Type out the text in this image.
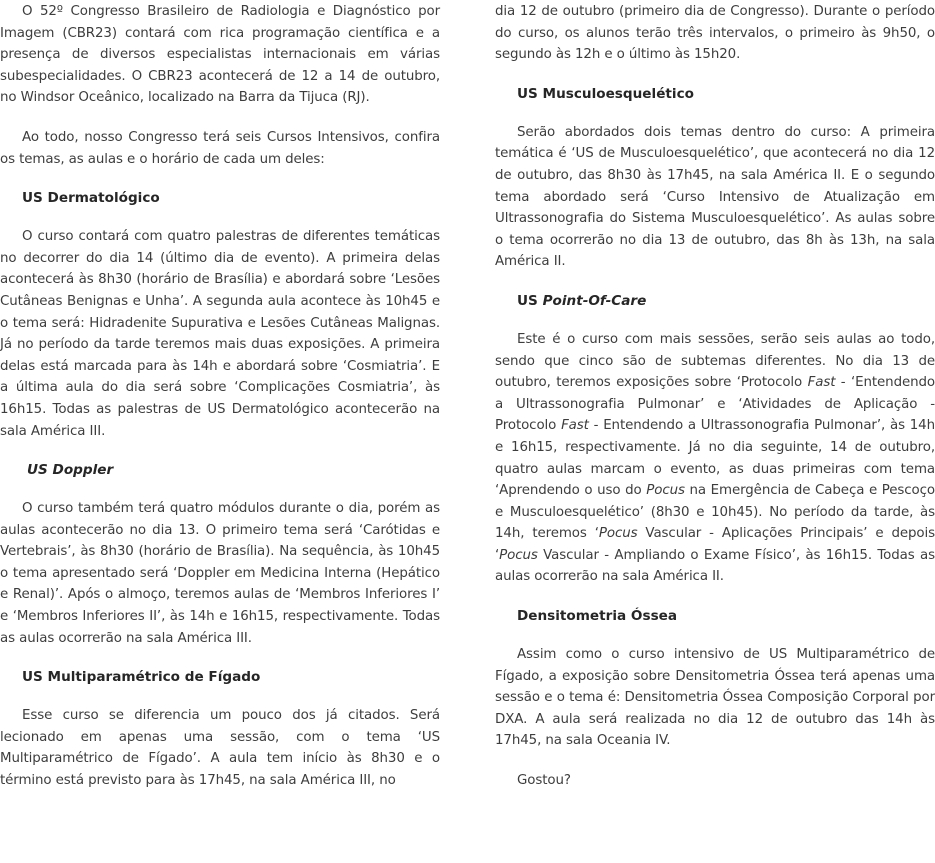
O 52º Congresso Brasileiro de Radiologia e Diagnóstico por Imagem (CBR23) contará com rica programação científica e a presença de diversos especialistas internacionais em várias subespecialidades. O CBR23 acontecerá de 12 a 14 de outubro, no Windsor Oceânico, localizado na Barra da Tijuca (RJ).

Ao todo, nosso Congresso terá seis Cursos Intensivos, confira os temas, as aulas e o horário de cada um deles:

US Dermatológico

O curso contará com quatro palestras de diferentes temáticas no decorrer do dia 14 (último dia de evento). A primeira delas acontecerá às 8h30 (horário de Brasília) e abordará sobre ‘Lesões Cutâneas Benignas e Unha’. A segunda aula acontece às 10h45 e o tema será: Hidradenite Supurativa e Lesões Cutâneas Malignas. Já no período da tarde teremos mais duas exposições. A primeira delas está marcada para às 14h e abordará sobre ‘Cosmiatria’. E a última aula do dia será sobre ‘Complicações Cosmiatria’, às 16h15. Todas as palestras de US Dermatológico acontecerão na sala América III.

US Doppler

O curso também terá quatro módulos durante o dia, porém as aulas acontecerão no dia 13. O primeiro tema será ‘Carótidas e Vertebrais’, às 8h30 (horário de Brasília). Na sequência, às 10h45 o tema apresentado será ‘Doppler em Medicina Interna (Hepático e Renal)’. Após o almoço, teremos aulas de ‘Membros Inferiores I’ e ‘Membros Inferiores II’, às 14h e 16h15, respectivamente. Todas as aulas ocorrerão na sala América III.

US Multiparamétrico de Fígado

Esse curso se diferencia um pouco dos já citados. Será lecionado em apenas uma sessão, com o tema ‘US Multiparamétrico de Fígado’. A aula tem início às 8h30 e o término está previsto para às 17h45, na sala América III, no

dia 12 de outubro (primeiro dia de Congresso). Durante o período do curso, os alunos terão três intervalos, o primeiro às 9h50, o segundo às 12h e o último às 15h20.

US Musculoesquelético

Serão abordados dois temas dentro do curso: A primeira temática é ‘US de Musculoesquelético’, que acontecerá no dia 12 de outubro, das 8h30 às 17h45, na sala América II. E o segundo tema abordado será ‘Curso Intensivo de Atualização em Ultrassonografia do Sistema Musculoesquelético’. As aulas sobre o tema ocorrerão no dia 13 de outubro, das 8h às 13h, na sala América II.

US Point-Of-Care

Este é o curso com mais sessões, serão seis aulas ao todo, sendo que cinco são de subtemas diferentes. No dia 13 de outubro, teremos exposições sobre ‘Protocolo Fast - ‘Entendendo a Ultrassonografia Pulmonar’ e ‘Atividades de Aplicação - Protocolo Fast - Entendendo a Ultrassonografia Pulmonar’, às 14h e 16h15, respectivamente. Já no dia seguinte, 14 de outubro, quatro aulas marcam o evento, as duas primeiras com tema ‘Aprendendo o uso do Pocus na Emergência de Cabeça e Pescoço e Musculoesquelético’ (8h30 e 10h45). No período da tarde, às 14h, teremos ‘Pocus Vascular - Aplicações Principais’ e depois ‘Pocus Vascular - Ampliando o Exame Físico’, às 16h15. Todas as aulas ocorrerão na sala América II.

Densitometria Óssea

Assim como o curso intensivo de US Multiparamétrico de Fígado, a exposição sobre Densitometria Óssea terá apenas uma sessão e o tema é: Densitometria Óssea Composição Corporal por DXA. A aula será realizada no dia 12 de outubro das 14h às 17h45, na sala Oceania IV.

Gostou?
